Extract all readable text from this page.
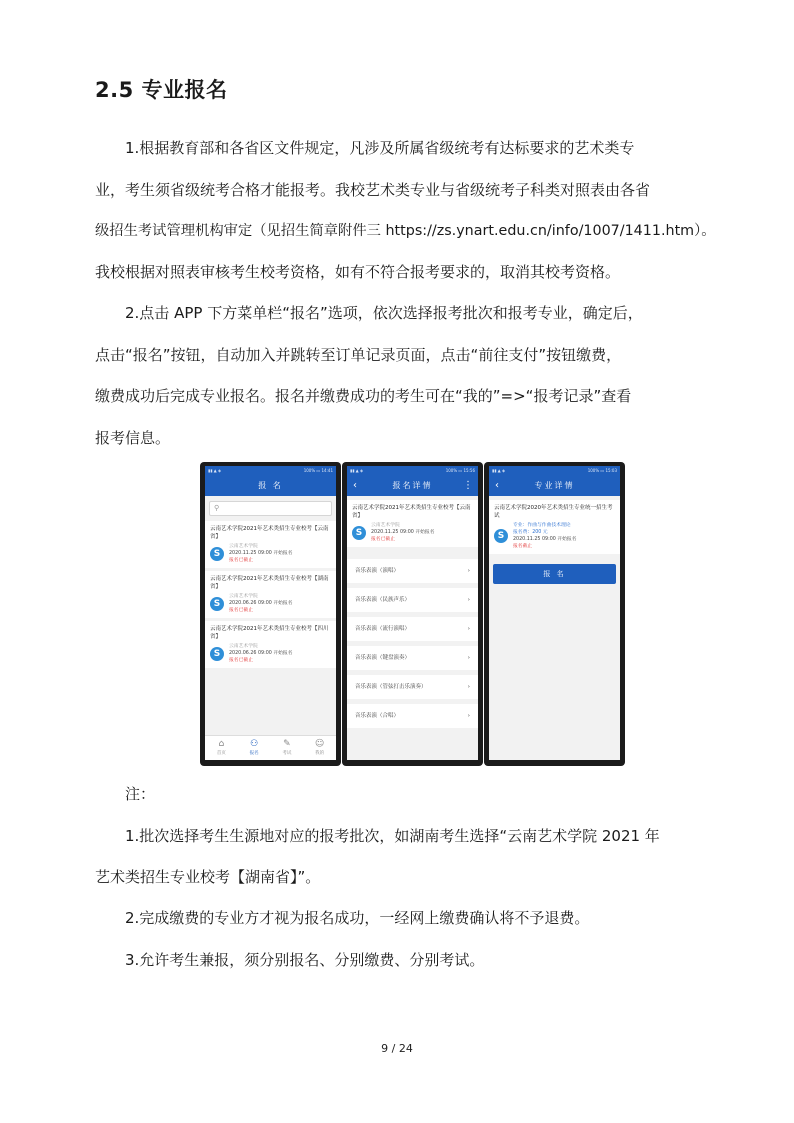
2.5 专业报名
1.根据教育部和各省区文件规定，凡涉及所属省级统考有达标要求的艺术类专
业，考生须省级统考合格才能报考。我校艺术类专业与省级统考子科类对照表由各省
级招生考试管理机构审定（见招生简章附件三 https://zs.ynart.edu.cn/info/1007/1411.htm）。
我校根据对照表审核考生校考资格，如有不符合报考要求的，取消其校考资格。
2.点击 APP 下方菜单栏“报名”选项，依次选择报考批次和报考专业，确定后，
点击“报名”按钮，自动加入并跳转至订单记录页面，点击“前往支付”按钮缴费，
缴费成功后完成专业报名。报名并缴费成功的考生可在“我的”=>“报考记录”查看
报考信息。
▮▮ ▲ ◈	100% ▭ 14:41
报 名
⚲
云南艺术学院2021年艺术类招生专业校考【云南省】
S
云南艺术学院
2020.11.25 09:00 开始报名
报名已截止
云南艺术学院2021年艺术类招生专业校考【湖南省】
S
云南艺术学院
2020.06.26 09:00 开始报名
报名已截止
云南艺术学院2021年艺术类招生专业校考【四川省】
S
云南艺术学院
2020.06.26 09:00 开始报名
报名已截止
⌂
首页
⚇
报名
✎
考试
☺
我的
▮▮ ▲ ◈	100% ▭ 15:56
‹	报名详情	⋮
云南艺术学院2021年艺术类招生专业校考【云南省】
S
云南艺术学院
2020.11.25 09:00 开始报名
报名已截止
音乐表演（演唱）	›
音乐表演（民族声乐）	›
音乐表演（流行演唱）	›
音乐表演（键盘演奏）	›
音乐表演（管弦打击乐演奏）	›
音乐表演（合唱）	›
▮▮ ▲ ◈	100% ▭ 15:03
‹	专业详情
云南艺术学院2020年艺术类招生专业统一招生考试
S
专业：作曲与作曲技术理论
报名费：200 元
2020.11.25 09:00 开始报名
报名截止
报 名
注：
1.批次选择考生生源地对应的报考批次，如湖南考生选择“云南艺术学院 2021 年
艺术类招生专业校考【湖南省】”。
2.完成缴费的专业方才视为报名成功，一经网上缴费确认将不予退费。
3.允许考生兼报，须分别报名、分别缴费、分别考试。
9 / 24
